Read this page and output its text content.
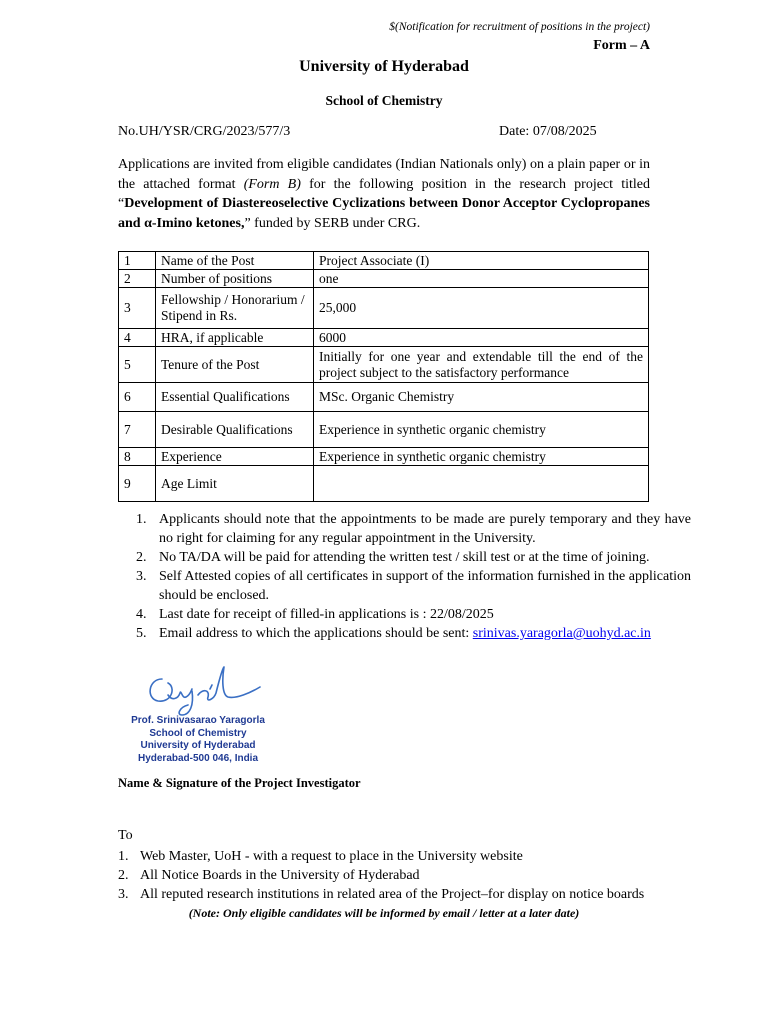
$(Notification for recruitment of positions in the project)
Form – A
University of Hyderabad
School of Chemistry
No.UH/YSR/CRG/2023/577/3	Date: 07/08/2025
Applications are invited from eligible candidates (Indian Nationals only) on a plain paper or in the attached format (Form B) for the following position in the research project titled “Development of Diastereoselective Cyclizations between Donor Acceptor Cyclopropanes and α-Imino ketones,” funded by SERB under CRG.
1	Name of the Post	Project Associate (I)
2	Number of positions	one
3	Fellowship / Honorarium / Stipend in Rs.	25,000
4	HRA, if applicable	6000
5	Tenure of the Post	Initially for one year and extendable till the end of the project subject to the satisfactory performance
6	Essential Qualifications	MSc. Organic Chemistry
7	Desirable Qualifications	Experience in synthetic organic chemistry
8	Experience	Experience in synthetic organic chemistry
9	Age Limit	
1. Applicants should note that the appointments to be made are purely temporary and they have no right for claiming for any regular appointment in the University.
2. No TA/DA will be paid for attending the written test / skill test or at the time of joining.
3. Self Attested copies of all certificates in support of the information furnished in the application should be enclosed.
4. Last date for receipt of filled-in applications is : 22/08/2025
5. Email address to which the applications should be sent: srinivas.yaragorla@uohyd.ac.in
Prof. Srinivasarao Yaragorla
School of Chemistry
University of Hyderabad
Hyderabad-500 046, India
Name & Signature of the Project Investigator
To
1. Web Master, UoH - with a request to place in the University website
2. All Notice Boards in the University of Hyderabad
3. All reputed research institutions in related area of the Project–for display on notice boards
(Note: Only eligible candidates will be informed by email / letter at a later date)
